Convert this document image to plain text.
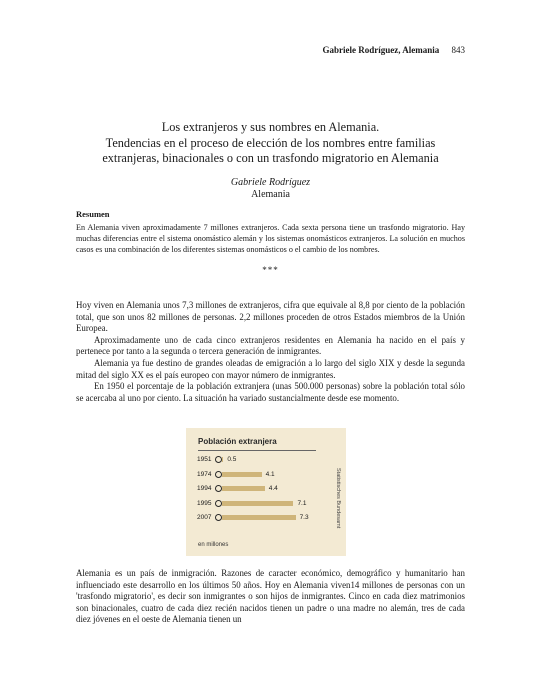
Gabriele Rodríguez, Alemania 843
Los extranjeros y sus nombres en Alemania.
Tendencias en el proceso de elección de los nombres entre familias
extranjeras, binacionales o con un trasfondo migratorio en Alemania
Gabriele Rodríguez
Alemania
Resumen
En Alemania viven aproximadamente 7 millones extranjeros. Cada sexta persona tiene un trasfondo migratorio. Hay muchas diferencias entre el sistema onomástico alemán y los sistemas onomásticos extranjeros. La solución en muchos casos es una combinación de los diferentes sistemas onomásticos o el cambio de los nombres.
***

Hoy viven en Alemania unos 7,3 millones de extranjeros, cifra que equivale al 8,8 por ciento de la población total, que son unos 82 millones de personas. 2,2 millones proceden de otros Estados miembros de la Unión Europea.

Aproximadamente uno de cada cinco extranjeros residentes en Alemania ha nacido en el país y pertenece por tanto a la segunda o tercera generación de inmigrantes.

Alemania ya fue destino de grandes oleadas de emigración a lo largo del siglo XIX y desde la segunda mitad del siglo XX es el país europeo con mayor número de inmigrantes.

En 1950 el porcentaje de la población extranjera (unas 500.000 personas) sobre la población total sólo se acercaba al uno por ciento. La situación ha variado sustancialmente desde ese momento.

Población extranjera
1951 0.5
1974	4.1
1994	4.4
1995	7.1
2007	7.3
en millones
Statistisches Bundesamt

Alemania es un país de inmigración. Razones de caracter económico, demográfico y humanitario han influenciado este desarrollo en los últimos 50 años. Hoy en Alemania viven14 millones de personas con un 'trasfondo migratorio', es decir son inmigrantes o son hijos de inmigrantes. Cinco en cada diez matrimonios son binacionales, cuatro de cada diez recién nacidos tienen un padre o una madre no alemán, tres de cada diez jóvenes en el oeste de Alemania tienen un
